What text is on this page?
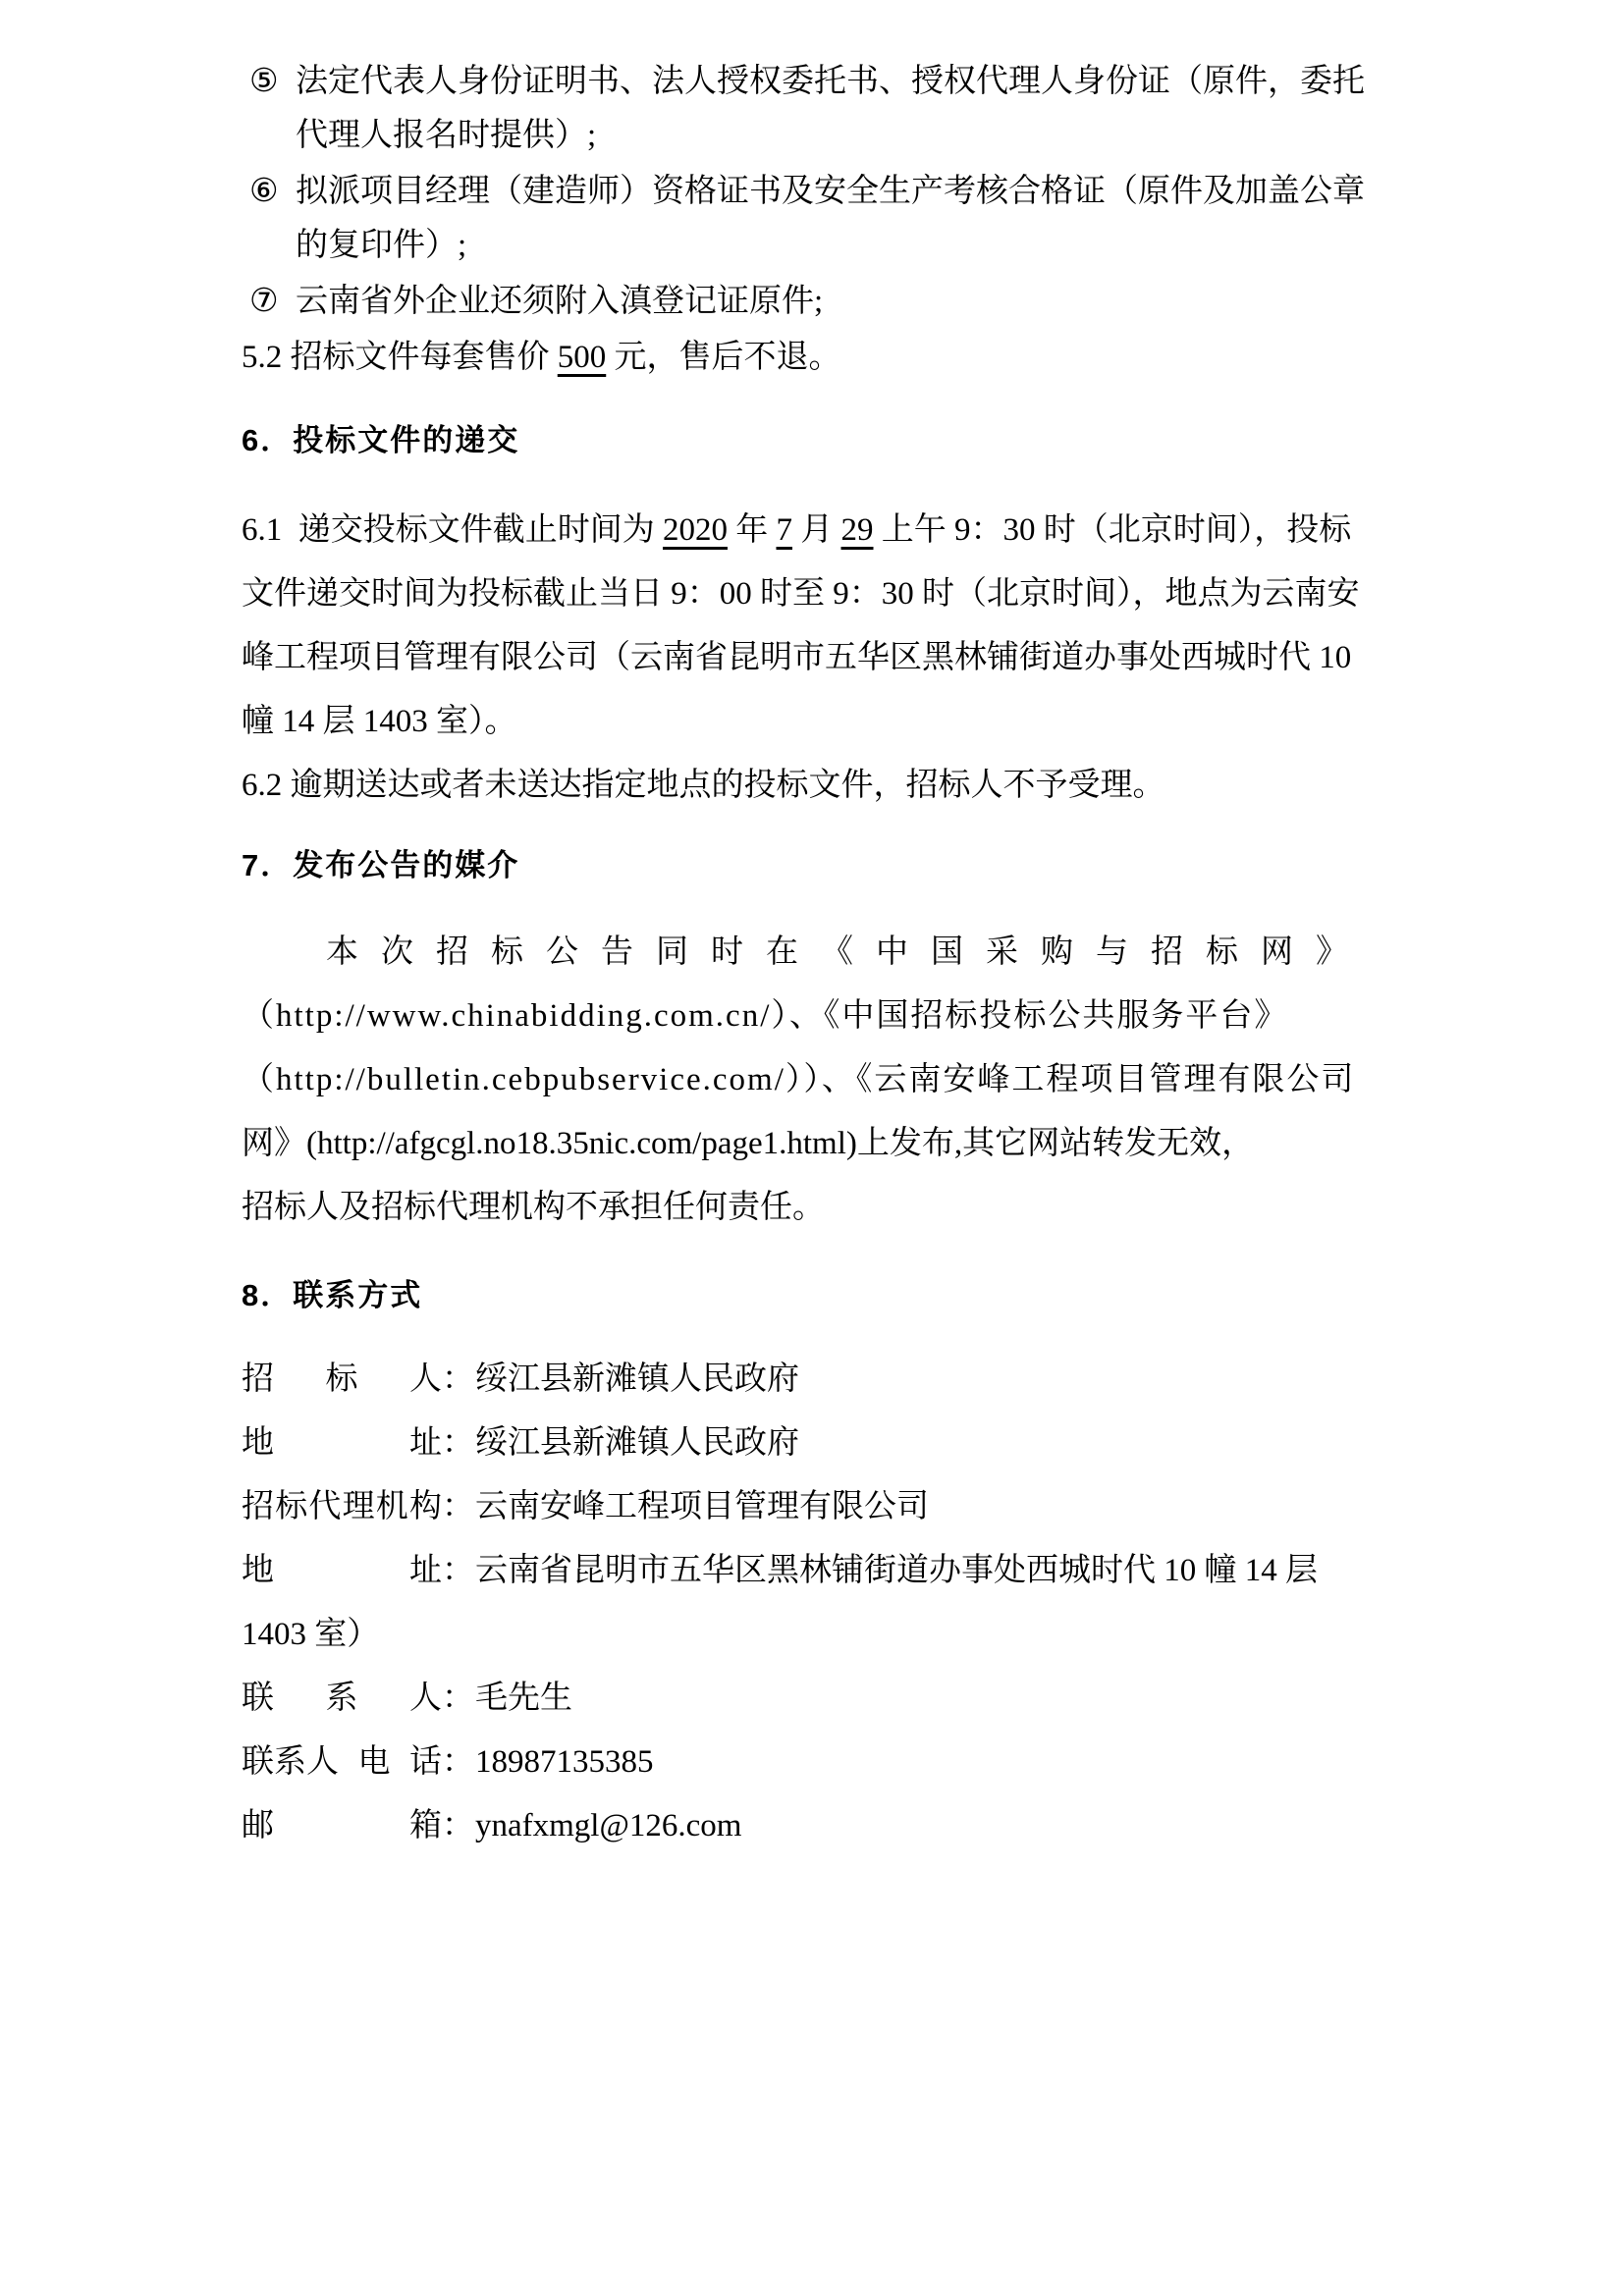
⑤ 法定代表人身份证明书、法人授权委托书、授权代理人身份证（原件，委托
代理人报名时提供）;
⑥ 拟派项目经理（建造师）资格证书及安全生产考核合格证（原件及加盖公章
的复印件）;
⑦ 云南省外企业还须附入滇登记证原件;

5.2 招标文件每套售价 500 元，售后不退。

6．投标文件的递交
6.1  递交投标文件截止时间为 2020 年 7 月 29 上午 9：30 时（北京时间），投标
文件递交时间为投标截止当日 9：00 时至 9：30 时（北京时间），地点为云南安
峰工程项目管理有限公司（云南省昆明市五华区黑林铺街道办事处西城时代 10
幢 14 层 1403 室）。

6.2 逾期送达或者未送达指定地点的投标文件，招标人不予受理。

7．发布公告的媒介
本次招标公告同时在《中国采购与招标网》
（http://www.chinabidding.com.cn/）、《中国招标投标公共服务平台》
（http://bulletin.cebpubservice.com/））、《云南安峰工程项目管理有限公司
网》(http://afgcgl.no18.35nic.com/page1.html)上发布,其它网站转发无效，
招标人及招标代理机构不承担任何责任。
8．联系方式
招 标 人 ： 绥江县新滩镇人民政府
地	址 ： 绥江县新滩镇人民政府
招 标 代 理 机 构 ： 云南安峰工程项目管理有限公司
地	址 ： 云南省昆明市五华区黑林铺街道办事处西城时代 10 幢 14 层
1403 室）
联 系 人 ： 毛先生
联系人 电 话 ： 18987135385
邮	箱 ： ynafxmgl@126.com
